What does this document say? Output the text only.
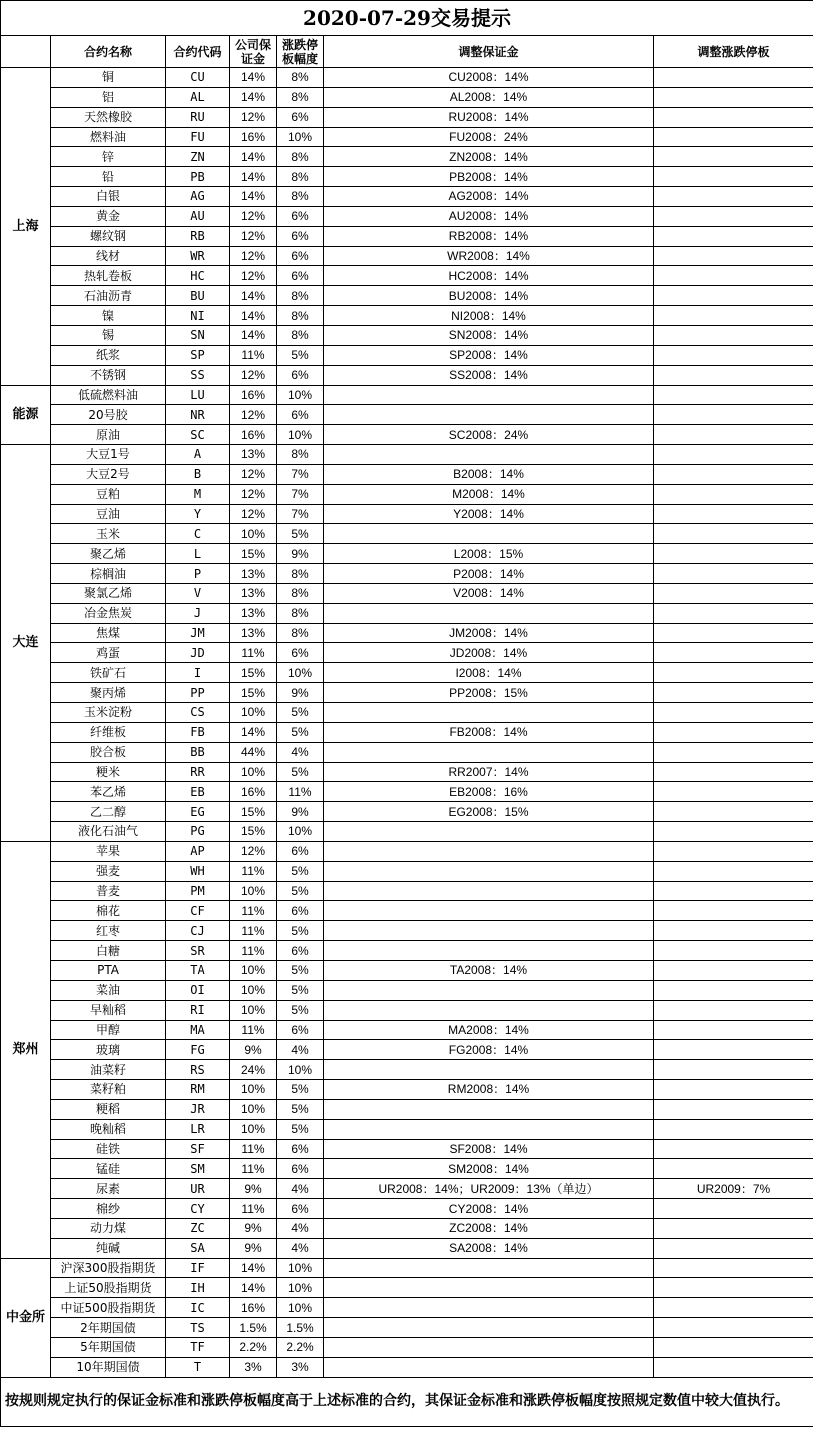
2020-07-29交易提示						
	合约名称	合约代码	公司保证金	涨跌停板幅度	调整保证金	调整涨跌停板
上海	铜	CU	14%	8%	CU2008：14%	
	铝	AL	14%	8%	AL2008：14%	
	天然橡胶	RU	12%	6%	RU2008：14%	
	燃料油	FU	16%	10%	FU2008：24%	
	锌	ZN	14%	8%	ZN2008：14%	
	铅	PB	14%	8%	PB2008：14%	
	白银	AG	14%	8%	AG2008：14%	
	黄金	AU	12%	6%	AU2008：14%	
	螺纹钢	RB	12%	6%	RB2008：14%	
	线材	WR	12%	6%	WR2008：14%	
	热轧卷板	HC	12%	6%	HC2008：14%	
	石油沥青	BU	14%	8%	BU2008：14%	
	镍	NI	14%	8%	NI2008：14%	
	锡	SN	14%	8%	SN2008：14%	
	纸浆	SP	11%	5%	SP2008：14%	
	不锈钢	SS	12%	6%	SS2008：14%	
能源	低硫燃料油	LU	16%	10%		
	20号胶	NR	12%	6%		
	原油	SC	16%	10%	SC2008：24%	
大连	大豆1号	A	13%	8%		
	大豆2号	B	12%	7%	B2008：14%	
	豆粕	M	12%	7%	M2008：14%	
	豆油	Y	12%	7%	Y2008：14%	
	玉米	C	10%	5%		
	聚乙烯	L	15%	9%	L2008：15%	
	棕榈油	P	13%	8%	P2008：14%	
	聚氯乙烯	V	13%	8%	V2008：14%	
	冶金焦炭	J	13%	8%		
	焦煤	JM	13%	8%	JM2008：14%	
	鸡蛋	JD	11%	6%	JD2008：14%	
	铁矿石	I	15%	10%	I2008：14%	
	聚丙烯	PP	15%	9%	PP2008：15%	
	玉米淀粉	CS	10%	5%		
	纤维板	FB	14%	5%	FB2008：14%	
	胶合板	BB	44%	4%		
	粳米	RR	10%	5%	RR2007：14%	
	苯乙烯	EB	16%	11%	EB2008：16%	
	乙二醇	EG	15%	9%	EG2008：15%	
	液化石油气	PG	15%	10%		
郑州	苹果	AP	12%	6%		
	强麦	WH	11%	5%		
	普麦	PM	10%	5%		
	棉花	CF	11%	6%		
	红枣	CJ	11%	5%		
	白糖	SR	11%	6%		
	PTA	TA	10%	5%	TA2008：14%	
	菜油	OI	10%	5%		
	早籼稻	RI	10%	5%		
	甲醇	MA	11%	6%	MA2008：14%	
	玻璃	FG	9%	4%	FG2008：14%	
	油菜籽	RS	24%	10%		
	菜籽粕	RM	10%	5%	RM2008：14%	
	粳稻	JR	10%	5%		
	晚籼稻	LR	10%	5%		
	硅铁	SF	11%	6%	SF2008：14%	
	锰硅	SM	11%	6%	SM2008：14%	
	尿素	UR	9%	4%	UR2008：14%；UR2009：13%（单边）	UR2009：7%
	棉纱	CY	11%	6%	CY2008：14%	
	动力煤	ZC	9%	4%	ZC2008：14%	
	纯碱	SA	9%	4%	SA2008：14%	
中金所	沪深300股指期货	IF	14%	10%		
	上证50股指期货	IH	14%	10%		
	中证500股指期货	IC	16%	10%		
	2年期国债	TS	1.5%	1.5%		
	5年期国债	TF	2.2%	2.2%		
	10年期国债	T	3%	3%		
按规则规定执行的保证金标准和涨跌停板幅度高于上述标准的合约，其保证金标准和涨跌停板幅度按照规定数值中较大值执行。						
